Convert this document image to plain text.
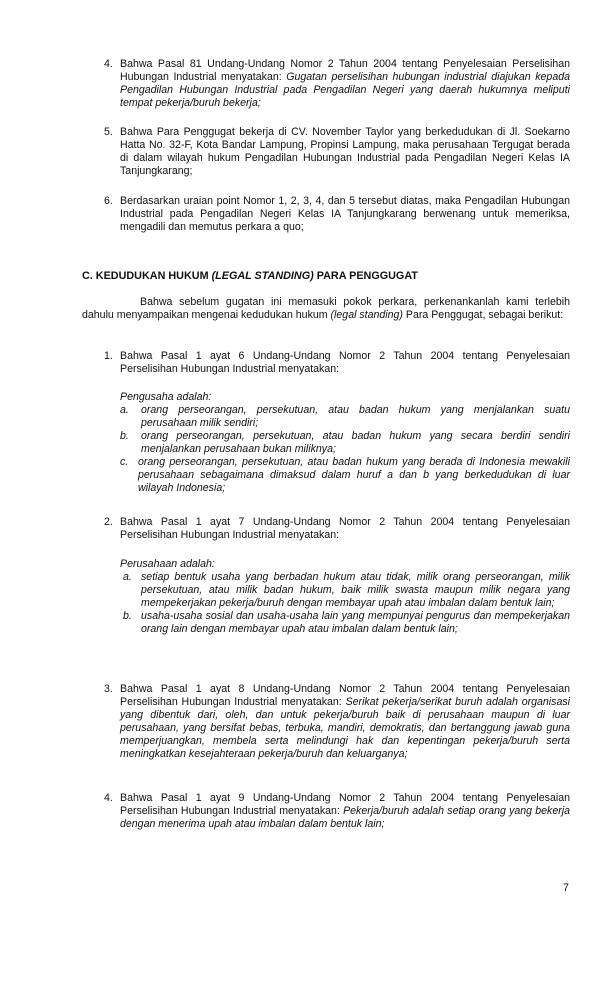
4. Bahwa Pasal 81 Undang-Undang Nomor 2 Tahun 2004 tentang Penyelesaian Perselisihan Hubungan Industrial menyatakan: Gugatan perselisihan hubungan industrial diajukan kepada Pengadilan Hubungan Industrial pada Pengadilan Negeri yang daerah hukumnya meliputi tempat pekerja/buruh bekerja;
5. Bahwa Para Penggugat bekerja di CV. November Taylor yang berkedudukan di Jl. Soekarno Hatta No. 32-F, Kota Bandar Lampung, Propinsi Lampung, maka perusahaan Tergugat berada di dalam wilayah hukum Pengadilan Hubungan Industrial pada Pengadilan Negeri Kelas IA Tanjungkarang;
6. Berdasarkan uraian point Nomor 1, 2, 3, 4, dan 5 tersebut diatas, maka Pengadilan Hubungan Industrial pada Pengadilan Negeri Kelas IA Tanjungkarang berwenang untuk memeriksa, mengadili dan memutus perkara a quo;
C. KEDUDUKAN HUKUM (LEGAL STANDING) PARA PENGGUGAT
Bahwa sebelum gugatan ini memasuki pokok perkara, perkenankanlah kami terlebih dahulu menyampaikan mengenai kedudukan hukum (legal standing) Para Penggugat, sebagai berikut:
1. Bahwa Pasal 1 ayat 6 Undang-Undang Nomor 2 Tahun 2004 tentang Penyelesaian Perselisihan Hubungan Industrial menyatakan:
Pengusaha adalah:
a. orang perseorangan, persekutuan, atau badan hukum yang menjalankan suatu perusahaan milik sendiri;
b. orang perseorangan, persekutuan, atau badan hukum yang secara berdiri sendiri menjalankan perusahaan bukan miliknya;
c. orang perseorangan, persekutuan, atau badan hukum yang berada di Indonesia mewakili perusahaan sebagaimana dimaksud dalam huruf a dan b yang berkedudukan di luar wilayah Indonesia;
2. Bahwa Pasal 1 ayat 7 Undang-Undang Nomor 2 Tahun 2004 tentang Penyelesaian Perselisihan Hubungan Industrial menyatakan:
Perusahaan adalah:
a. setiap bentuk usaha yang berbadan hukum atau tidak, milik orang perseorangan, milik persekutuan, atau milik badan hukum, baik milik swasta maupun milik negara yang mempekerjakan pekerja/buruh dengan membayar upah atau imbalan dalam bentuk lain;
b. usaha-usaha sosial dan usaha-usaha lain yang mempunyai pengurus dan mempekerjakan orang lain dengan membayar upah atau imbalan dalam bentuk lain;
3. Bahwa Pasal 1 ayat 8 Undang-Undang Nomor 2 Tahun 2004 tentang Penyelesaian Perselisihan Hubungan Industrial menyatakan: Serikat pekerja/serikat buruh adalah organisasi yang dibentuk dari, oleh, dan untuk pekerja/buruh baik di perusahaan maupun di luar perusahaan, yang bersifat bebas, terbuka, mandiri, demokratis, dan bertanggung jawab guna memperjuangkan, membela serta melindungi hak dan kepentingan pekerja/buruh serta meningkatkan kesejahteraan pekerja/buruh dan keluarganya;
4. Bahwa Pasal 1 ayat 9 Undang-Undang Nomor 2 Tahun 2004 tentang Penyelesaian Perselisihan Hubungan Industrial menyatakan: Pekerja/buruh adalah setiap orang yang bekerja dengan menerima upah atau imbalan dalam bentuk lain;
7
